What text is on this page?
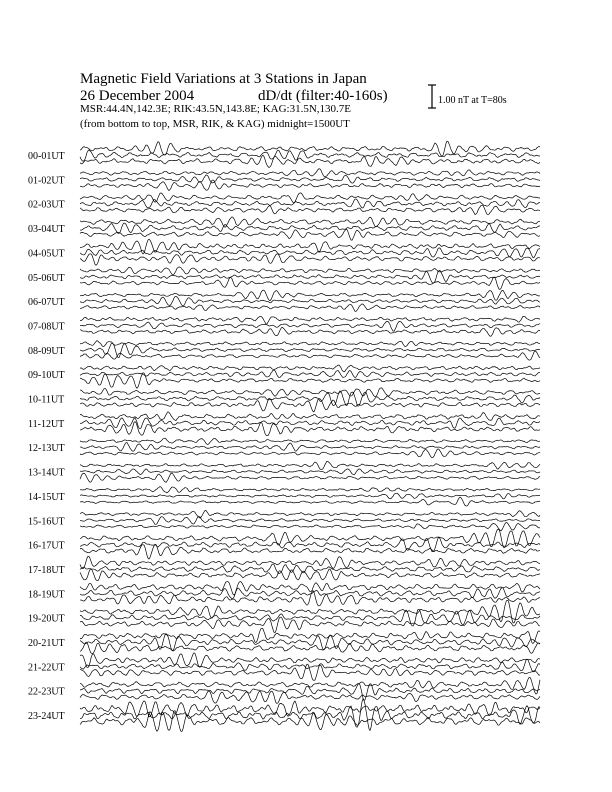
Magnetic Field Variations at 3 Stations in Japan
26 December 2004	dD/dt (filter:40-160s)
MSR:44.4N,142.3E; RIK:43.5N,143.8E; KAG:31.5N,130.7E
(from bottom to top, MSR, RIK, & KAG) midnight=1500UT
1.00 nT at T=80s
00-01UT
01-02UT
02-03UT
03-04UT
04-05UT
05-06UT
06-07UT
07-08UT
08-09UT
09-10UT
10-11UT
11-12UT
12-13UT
13-14UT
14-15UT
15-16UT
16-17UT
17-18UT
18-19UT
19-20UT
20-21UT
21-22UT
22-23UT
23-24UT
